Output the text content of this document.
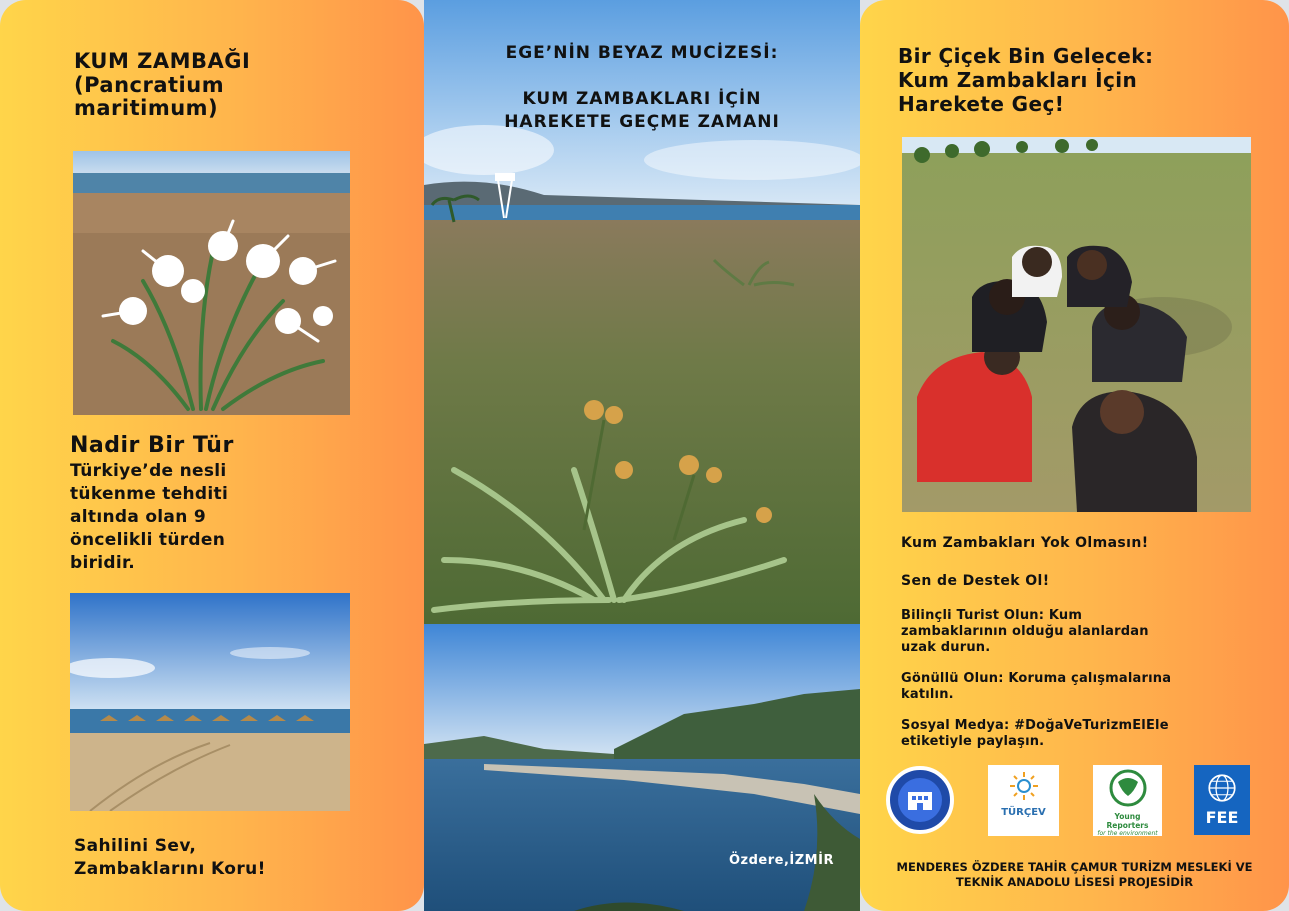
KUM ZAMBAĞI
(Pancratium
maritimum)
Nadir Bir Tür
Türkiye’de nesli
tükenme tehditi
altında olan 9
öncelikli türden
biridir.
Sahilini Sev,
Zambaklarını Koru!
EGE’NİN BEYAZ MUCİZESİ:
KUM ZAMBAKLARI İÇİN
HAREKETE GEÇME ZAMANI
Özdere,İZMİR
Bir Çiçek Bin Gelecek:
Kum Zambakları İçin
Harekete Geç!
Kum Zambakları Yok Olmasın!
Sen de Destek Ol!
Bilinçli Turist Olun: Kum
zambaklarının olduğu alanlardan
uzak durun.
Gönüllü Olun: Koruma çalışmalarına
katılın.
Sosyal Medya: #DoğaVeTurizmElEle
etiketiyle paylaşın.
TÜRÇEV	Young Reporters
for the environment
FEE
MENDERES ÖZDERE TAHİR ÇAMUR TURİZM MESLEKİ VE
TEKNİK ANADOLU LİSESİ PROJESİDİR
